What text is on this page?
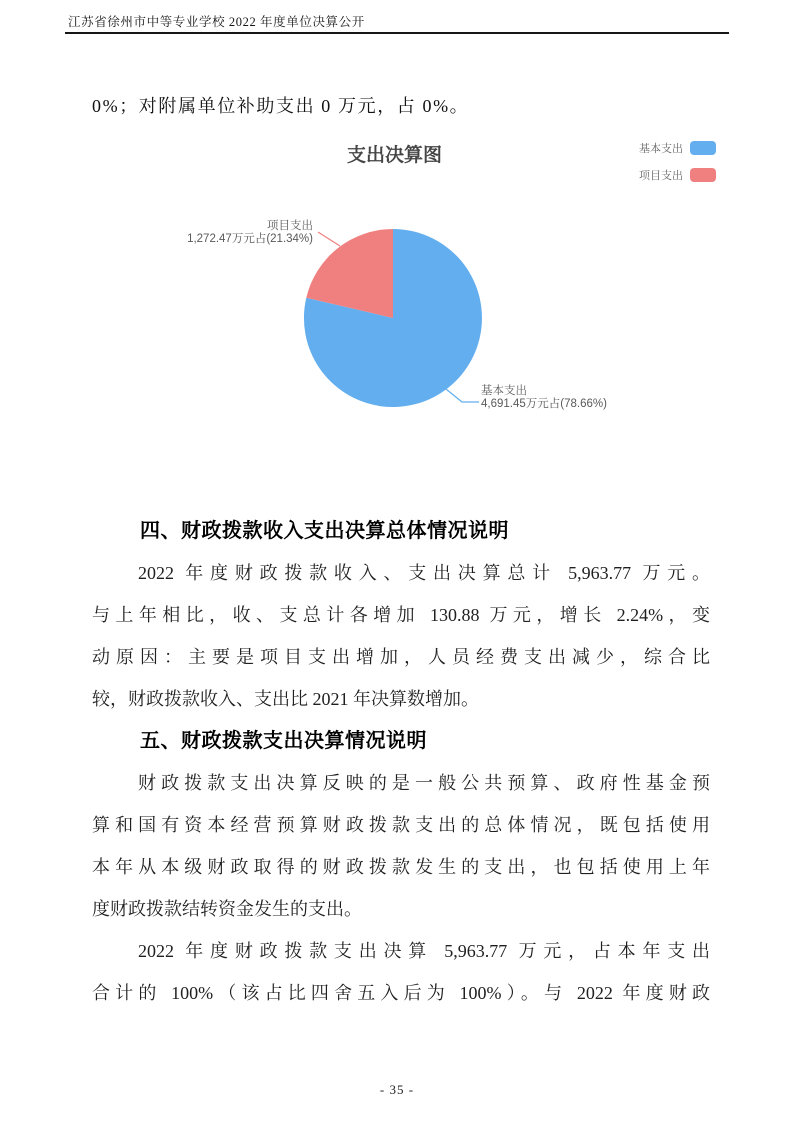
江苏省徐州市中等专业学校 2022 年度单位决算公开
0%；对附属单位补助支出 0 万元，占 0%。
支出决算图	基本支出
项目支出
项目支出
1,272.47万元占(21.34%)
基本支出
4,691.45万元占(78.66%)
四、财政拨款收入支出决算总体情况说明
2022 年度财政拨款收入、支出决算总计 5,963.77 万元。
与上年相比，收、支总计各增加 130.88 万元，增长 2.24%，变
动原因：主要是项目支出增加，人员经费支出减少，综合比
较，财政拨款收入、支出比 2021 年决算数增加。
五、财政拨款支出决算情况说明
财政拨款支出决算反映的是一般公共预算、政府性基金预
算和国有资本经营预算财政拨款支出的总体情况，既包括使用
本年从本级财政取得的财政拨款发生的支出，也包括使用上年
度财政拨款结转资金发生的支出。
2022 年度财政拨款支出决算 5,963.77 万元，占本年支出
合计的 100%（该占比四舍五入后为 100%）。与 2022 年度财政
- 35 -
